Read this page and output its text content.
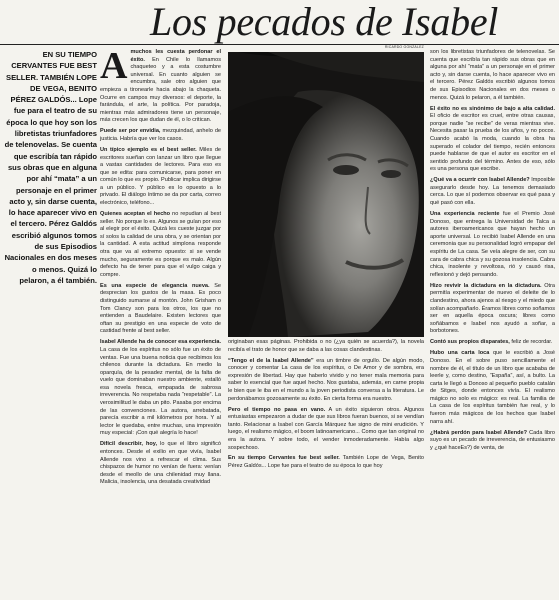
Los pecados de Isabel
EN SU TIEMPO CERVANTES FUE BEST SELLER. TAMBIÉN LOPE DE VEGA, BENITO PÉREZ GALDÓS... Lope fue para el teatro de su época lo que hoy son los libretistas triunfadores de telenovelas. Se cuenta que escribía tan rápido sus obras que en alguna por ahí “mata” a un personaje en el primer acto y, sin darse cuenta, lo hace aparecer vivo en el tercero. Pérez Galdós escribió algunos tomos de sus Episodios Nacionales en dos meses o menos. Quizá lo pelaron, a él también.
RICARDO GONZÁLEZ

Amuchos les cuesta perdonar el éxito. En Chile lo llamamos chaqueteo y a esta costumbre universal. En cuanto alguien se encumbra, sale otro alguien que empieza a tironearle hacia abajo la chaqueta. Ocurre en campos muy diversos: el deporte, la farándula, el arte, la política. Por paradoja, mientras más admiradores tiene un personaje, más crecen los que dudan de él, o lo critican.

Puede ser por envidia, mezquindad, anhelo de justicia. Habría que ver los casos.

Un típico ejemplo es el best seller. Miles de escritores sueñan con lanzar un libro que llegue a vastas cantidades de lectores. Para eso es que se edita: para comunicarse, para poner en común lo que es propio. Publicar implica dirigirse a un público. Y público es lo opuesto a lo privado. El diálogo íntimo se da por carta, correo electrónico, teléfono...

Quienes aceptan el hecho no repudian al best seller. No porque lo es. Algunos se guían por eso al elegir por el éxito. Quizá les cueste juzgar por sí solos la calidad de una obra, y se orientan por la cantidad. A esta actitud simplona responde otra que va al extremo opuesto: si se vende mucho, seguramente es porque es malo. Algún defecto ha de tener para que el vulgo caiga y compre.

Es una especie de elegancia nueva. Se desprecian los gustos de la masa. Es poco distinguido sumarse al montón. John Grisham o Tom Clancy son para los otros, los que no entienden a Baudelaire. Existen lectores que oftan su prestigio en una especie de voto de castidad frente al best seller.

Isabel Allende ha de conocer esa experiencia. La casa de los espíritus no sólo fue un éxito de ventas. Fue una buena noticia que recibimos los chilenos durante la dictadura. En medio la oparquía, de la pesadez mental, de la falta de vuelo que dominaban nuestro ambiente, estalló esa novela fresca, empapada de sabrosa irreverencia. No respetaba nada “respetable”. La verosimilitud le daba un pito. Pasaba por encima de las convenciones. La autora, arrebatada, parecía escribir a mil kilómetros por hora. Y al lector le quedaba, entre muchas, una impresión muy especial: ¡Con qué alegría lo hace!

Difícil describir, hoy, lo que el libro significó entonces. Desde el exilio en que vivía, Isabel Allende nos vino a refrescar el clima. Sus chispazos de humor no venían de fuera: venían desde el meollo de una chilenidad muy llana. Malicia, insolencia, una desatada creatividad

originaban esas páginas. Prohibida o no (¿ya quién se acuerda?), la novela recibía el trato de honor que se daba a las cosas clandestinas.

“Tengo el de la Isabel Allende” era un timbre de orgullo. De algún modo, conocer y comentar La casa de los espíritus, o De Amor y de sombra, era expresión de libertad. Hay que haberlo vivido y no tener mala memoria para saber lo esencial que fue aquel hecho. Nos gustaba, además, en carne propia le bien que le iba en el mundo a la joven periodista conversa a la literatura. Le perdonábamos gozosamente su éxito. En cierta forma era nuestro.

Pero el tiempo no pasa en vano. A un éxito siguieron otros. Algunos entusiastas empezaron a dudar de que sus libros fueran buenos, si se vendían tanto. Relacionar a Isabel con García Márquez fue signo de mini erudición. Y luego, el realismo mágico, el boom latinoamericano... Como que tan original no era la autora. Y sobre todo, el vender inmoderadamente. Había algo sospechoso.

En su tiempo Cervantes fue best seller. También Lope de Vega, Benito Pérez Galdós... Lope fue para el teatro de su época lo que hoy

son los libretistas triunfadores de telenovelas. Se cuenta que escribía tan rápido sus obras que en alguna por ahí “mata” a un personaje en el primer acto y, sin darse cuenta, lo hace aparecer vivo en el tercero. Pérez Galdós escribió algunos tomos de sus Episodios Nacionales en dos meses o menos. Quizá lo pelaron, a él también.

El éxito no es sinónimo de bajo a alta calidad. El oficio de escritor es cruel, entre otras causas, porque nadie “se recibe” de veras mientras vive. Necesita pasar la prueba de los años, y no pocos. Cuando acabó la moda, cuando la obra ha superado el colador del tiempo, recién entonces puede hablarse de que el autor es escritor en el sentido profundo del término. Antes de eso, sólo es una persona que escribe.

¿Qué va a ocurrir con Isabel Allende? Imposible asegurarlo desde hoy. La tenemos demasiado cerca. Lo que sí podemos observar es qué pasa y qué pasó con ella.

Una experiencia reciente fue el Premio José Donoso, que entrega la Universidad de Talca a autores iberoamericanos que hayan hecho un aporte universal. Lo recibió Isabel Allende en una ceremonia que su personalidad logró empapar del espíritu de La casa. Se veía alegre de ser, con su cara de cabra chica y su gozosa insolencia. Cabra chica, insolente y revoltosa, rió y causó risa, reflexionó y dejó pensando.

Hizo revivir la dictadura en la dictadura. Otra permitía experimentar de nuevo el deleite de lo clandestino, ahora ajenos al riesgo y el miedo que solían acompañarlo. Éramos libres como soñamos ser en aquella época oscura; libres como soñábamos e Isabel nos ayudó a soñar, a borbotones.

Contó sus propios disparates, feliz de recordar.

Hubo una carta loca que le escribió a José Donoso. En el sobre puso sencillamente el nombre de él, el título de un libro que acababa de leerle y, como destino, “España”, así, a bulto. La carta le llegó a Donoso al pequeño pueblo catalán de Sitges, donde entonces vivía. El realismo mágico no solo es mágico: es real. La familia de La casa de los espíritus también fue real, y lo fueron más mágicos de los hechos que Isabel narra ahí.

¿Habrá perdón para Isabel Allende? Cada libro suyo es un pecado de irreverencia, de entusiasmo y ¿qué haceEs?) de venta, de
